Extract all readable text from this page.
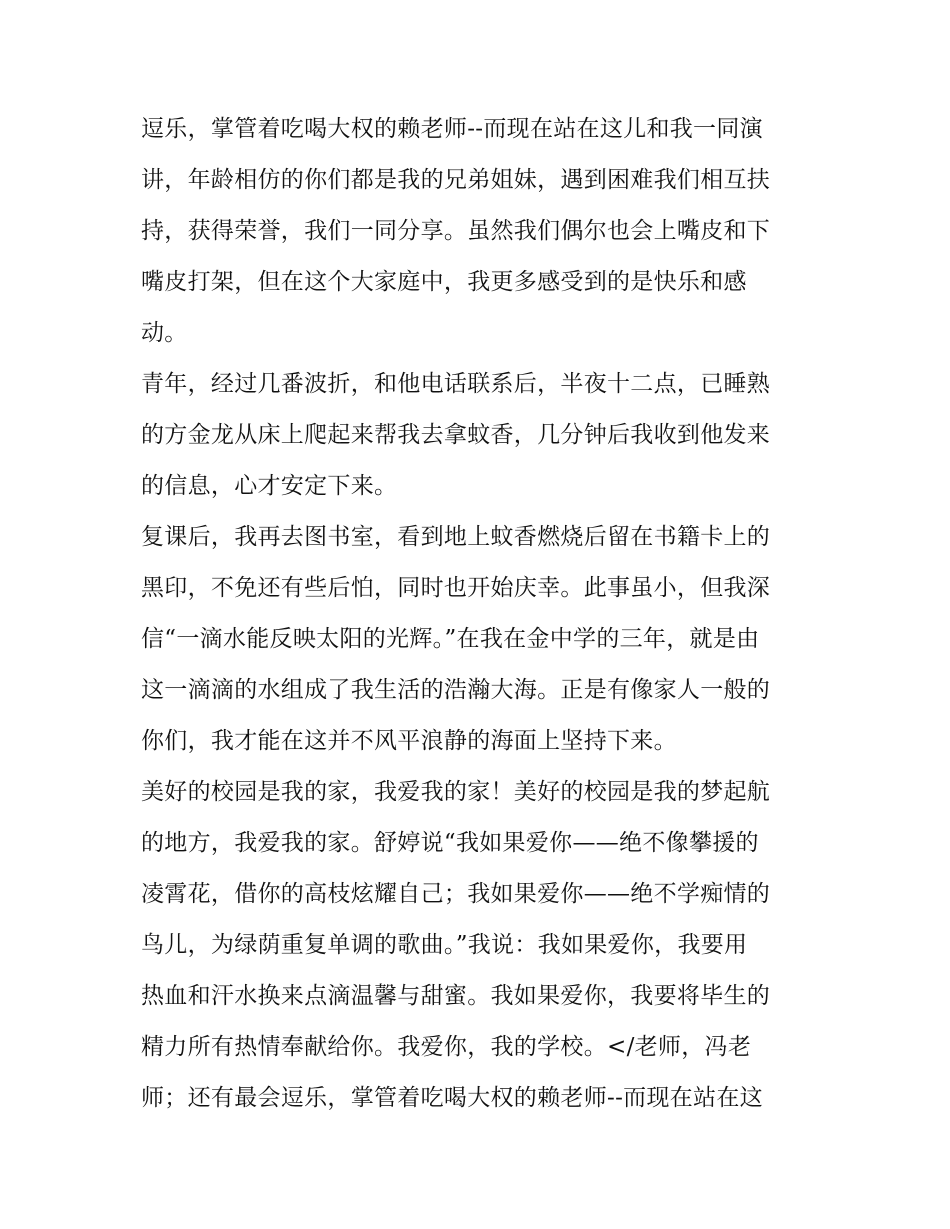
逗乐，掌管着吃喝大权的赖老师--而现在站在这儿和我一同演
讲，年龄相仿的你们都是我的兄弟姐妹，遇到困难我们相互扶
持，获得荣誉，我们一同分享。虽然我们偶尔也会上嘴皮和下
嘴皮打架，但在这个大家庭中，我更多感受到的是快乐和感
动。
青年，经过几番波折，和他电话联系后，半夜十二点，已睡熟
的方金龙从床上爬起来帮我去拿蚊香，几分钟后我收到他发来
的信息，心才安定下来。
复课后，我再去图书室，看到地上蚊香燃烧后留在书籍卡上的
黑印，不免还有些后怕，同时也开始庆幸。此事虽小，但我深
信“一滴水能反映太阳的光辉。”在我在金中学的三年，就是由
这一滴滴的水组成了我生活的浩瀚大海。正是有像家人一般的
你们，我才能在这并不风平浪静的海面上坚持下来。
美好的校园是我的家，我爱我的家！美好的校园是我的梦起航
的地方，我爱我的家。舒婷说“我如果爱你——绝不像攀援的
凌霄花，借你的高枝炫耀自己；我如果爱你——绝不学痴情的
鸟儿，为绿荫重复单调的歌曲。”我说：我如果爱你，我要用
热血和汗水换来点滴温馨与甜蜜。我如果爱你，我要将毕生的
精力所有热情奉献给你。我爱你，我的学校。</老师，冯老
师；还有最会逗乐，掌管着吃喝大权的赖老师--而现在站在这
